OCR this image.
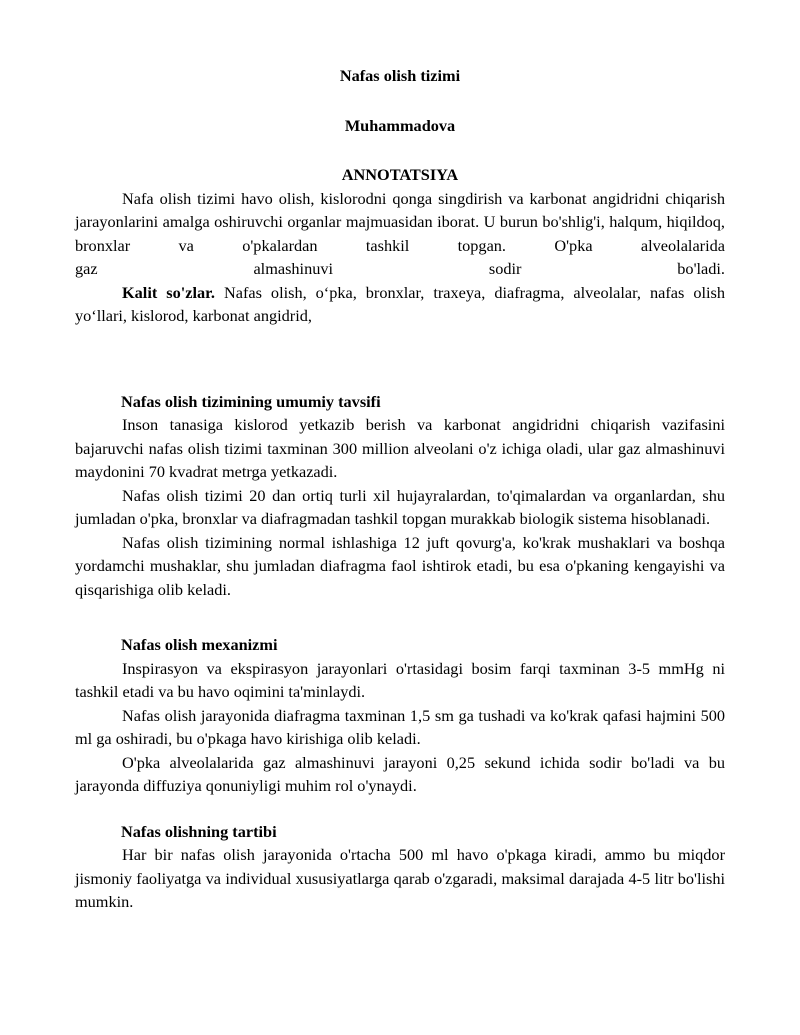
Nafas olish tizimi

Muhammadova

ANNOTATSIYA

Nafa olish tizimi havo olish, kislorodni qonga singdirish va karbonat angidridni chiqarish jarayonlarini amalga oshiruvchi organlar majmuasidan iborat. U burun bo'shlig'i, halqum, hiqildoq, bronxlar va o'pkalardan tashkil topgan. O'pka alveolalarida

gaz almashinuvi sodir bo'ladi.

Kalit so'zlar. Nafas olish, o‘pka, bronxlar, traxeya, diafragma, alveolalar, nafas olish yo‘llari, kislorod, karbonat angidrid,

Nafas olish tizimining umumiy tavsifi

Inson tanasiga kislorod yetkazib berish va karbonat angidridni chiqarish vazifasini bajaruvchi nafas olish tizimi taxminan 300 million alveolani o'z ichiga oladi, ular gaz almashinuvi maydonini 70 kvadrat metrga yetkazadi.

Nafas olish tizimi 20 dan ortiq turli xil hujayralardan, to'qimalardan va organlardan, shu jumladan o'pka, bronxlar va diafragmadan tashkil topgan murakkab biologik sistema hisoblanadi.

Nafas olish tizimining normal ishlashiga 12 juft qovurg'a, ko'krak mushaklari va boshqa yordamchi mushaklar, shu jumladan diafragma faol ishtirok etadi, bu esa o'pkaning kengayishi va qisqarishiga olib keladi.

Nafas olish mexanizmi

Inspirasyon va ekspirasyon jarayonlari o'rtasidagi bosim farqi taxminan 3-5 mmHg ni tashkil etadi va bu havo oqimini ta'minlaydi.

Nafas olish jarayonida diafragma taxminan 1,5 sm ga tushadi va ko'krak qafasi hajmini 500 ml ga oshiradi, bu o'pkaga havo kirishiga olib keladi.

O'pka alveolalarida gaz almashinuvi jarayoni 0,25 sekund ichida sodir bo'ladi va bu jarayonda diffuziya qonuniyligi muhim rol o'ynaydi.

Nafas olishning tartibi

Har bir nafas olish jarayonida o'rtacha 500 ml havo o'pkaga kiradi, ammo bu miqdor jismoniy faoliyatga va individual xususiyatlarga qarab o'zgaradi, maksimal darajada 4-5 litr bo'lishi mumkin.
